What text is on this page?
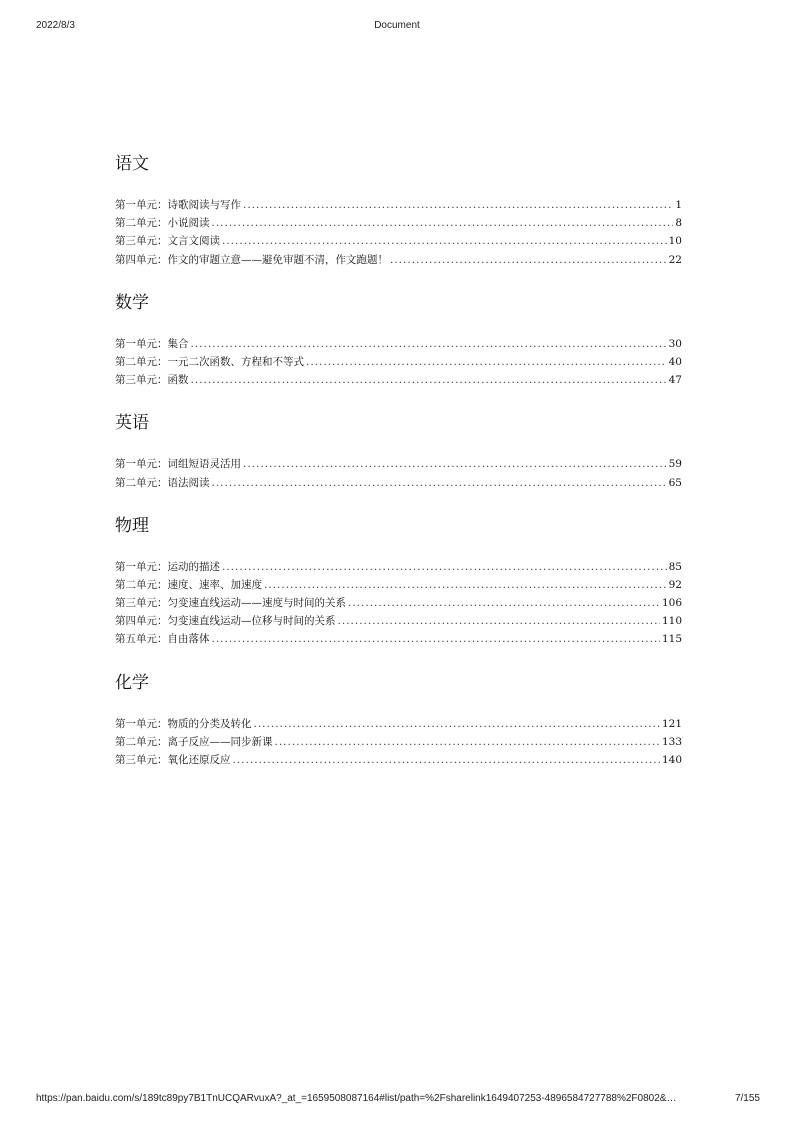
2022/8/3	Document
语文
第一单元：诗歌阅读与写作 .....	1
第二单元：小说阅读 .....	8
第三单元：文言文阅读 .....	10
第四单元：作文的审题立意——避免审题不清，作文跑题！ .....	22
数学
第一单元：集合 .....	30
第二单元：一元二次函数、方程和不等式 .....	40
第三单元：函数 .....	47
英语
第一单元：词组短语灵活用 .....	59
第二单元：语法阅读 .....	65
物理
第一单元：运动的描述 .....	85
第二单元：速度、速率、加速度 .....	92
第三单元：匀变速直线运动——速度与时间的关系 .....	106
第四单元：匀变速直线运动—位移与时间的关系 .....	110
第五单元：自由落体 .....	115
化学
第一单元：物质的分类及转化 .....	121
第二单元：离子反应——同步新课 .....	133
第三单元：氧化还原反应 .....	140
https://pan.baidu.com/s/189tc89py7B1TnUCQARvuxA?_at_=1659508087164#list/path=%2Fsharelink1649407253-489658472778​8%2F0802&…	7/155
